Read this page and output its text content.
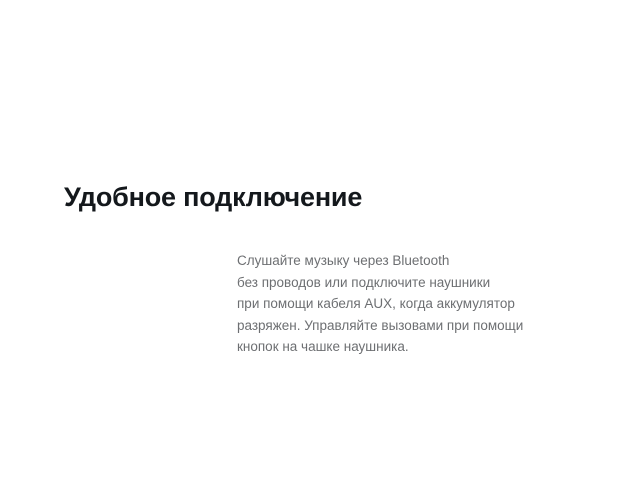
Удобное подключение

Слушайте музыку через Bluetooth
без проводов или подключите наушники
при помощи кабеля AUX, когда аккумулятор
разряжен. Управляйте вызовами при помощи
кнопок на чашке наушника.
